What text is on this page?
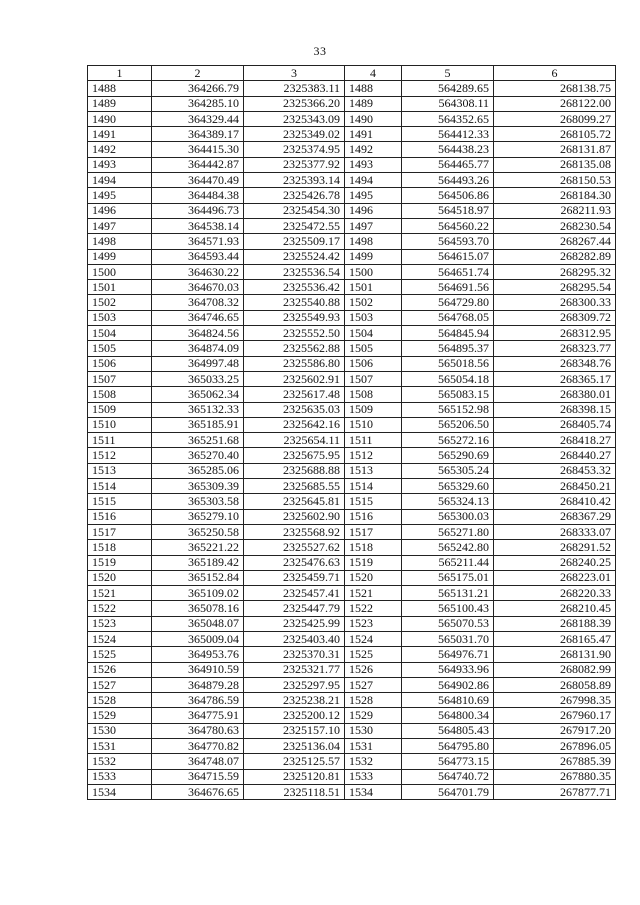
33
1	2	3	4	5	6
1488	364266.79	2325383.11	1488	564289.65	268138.75
1489	364285.10	2325366.20	1489	564308.11	268122.00
1490	364329.44	2325343.09	1490	564352.65	268099.27
1491	364389.17	2325349.02	1491	564412.33	268105.72
1492	364415.30	2325374.95	1492	564438.23	268131.87
1493	364442.87	2325377.92	1493	564465.77	268135.08
1494	364470.49	2325393.14	1494	564493.26	268150.53
1495	364484.38	2325426.78	1495	564506.86	268184.30
1496	364496.73	2325454.30	1496	564518.97	268211.93
1497	364538.14	2325472.55	1497	564560.22	268230.54
1498	364571.93	2325509.17	1498	564593.70	268267.44
1499	364593.44	2325524.42	1499	564615.07	268282.89
1500	364630.22	2325536.54	1500	564651.74	268295.32
1501	364670.03	2325536.42	1501	564691.56	268295.54
1502	364708.32	2325540.88	1502	564729.80	268300.33
1503	364746.65	2325549.93	1503	564768.05	268309.72
1504	364824.56	2325552.50	1504	564845.94	268312.95
1505	364874.09	2325562.88	1505	564895.37	268323.77
1506	364997.48	2325586.80	1506	565018.56	268348.76
1507	365033.25	2325602.91	1507	565054.18	268365.17
1508	365062.34	2325617.48	1508	565083.15	268380.01
1509	365132.33	2325635.03	1509	565152.98	268398.15
1510	365185.91	2325642.16	1510	565206.50	268405.74
1511	365251.68	2325654.11	1511	565272.16	268418.27
1512	365270.40	2325675.95	1512	565290.69	268440.27
1513	365285.06	2325688.88	1513	565305.24	268453.32
1514	365309.39	2325685.55	1514	565329.60	268450.21
1515	365303.58	2325645.81	1515	565324.13	268410.42
1516	365279.10	2325602.90	1516	565300.03	268367.29
1517	365250.58	2325568.92	1517	565271.80	268333.07
1518	365221.22	2325527.62	1518	565242.80	268291.52
1519	365189.42	2325476.63	1519	565211.44	268240.25
1520	365152.84	2325459.71	1520	565175.01	268223.01
1521	365109.02	2325457.41	1521	565131.21	268220.33
1522	365078.16	2325447.79	1522	565100.43	268210.45
1523	365048.07	2325425.99	1523	565070.53	268188.39
1524	365009.04	2325403.40	1524	565031.70	268165.47
1525	364953.76	2325370.31	1525	564976.71	268131.90
1526	364910.59	2325321.77	1526	564933.96	268082.99
1527	364879.28	2325297.95	1527	564902.86	268058.89
1528	364786.59	2325238.21	1528	564810.69	267998.35
1529	364775.91	2325200.12	1529	564800.34	267960.17
1530	364780.63	2325157.10	1530	564805.43	267917.20
1531	364770.82	2325136.04	1531	564795.80	267896.05
1532	364748.07	2325125.57	1532	564773.15	267885.39
1533	364715.59	2325120.81	1533	564740.72	267880.35
1534	364676.65	2325118.51	1534	564701.79	267877.71
